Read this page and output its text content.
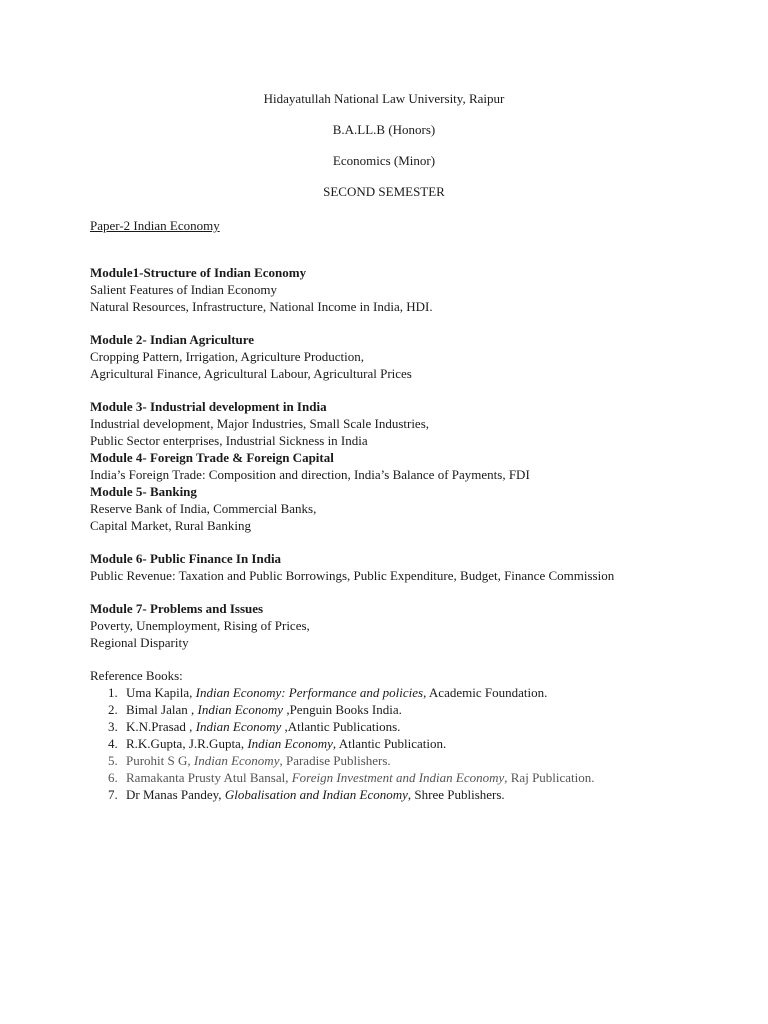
Hidayatullah National Law University, Raipur
B.A.LL.B (Honors)
Economics (Minor)
SECOND SEMESTER
Paper-2 Indian Economy
Module1-Structure of Indian Economy
Salient Features of Indian Economy
Natural Resources, Infrastructure, National Income in India, HDI.
Module 2- Indian Agriculture
Cropping Pattern, Irrigation, Agriculture Production,
Agricultural Finance, Agricultural Labour, Agricultural Prices
Module 3- Industrial development in India
Industrial development, Major Industries, Small Scale Industries,
Public Sector enterprises, Industrial Sickness in India
Module 4- Foreign Trade & Foreign Capital
India’s Foreign Trade: Composition and direction, India’s Balance of Payments, FDI
Module 5- Banking
Reserve Bank of India, Commercial Banks,
Capital Market, Rural Banking
Module 6- Public Finance In India
Public Revenue: Taxation and Public Borrowings, Public Expenditure, Budget, Finance Commission
Module 7- Problems and Issues
Poverty, Unemployment, Rising of Prices,
Regional Disparity
Reference Books:
1. Uma Kapila, Indian Economy: Performance and policies, Academic Foundation.
2. Bimal Jalan , Indian Economy ,Penguin Books India.
3. K.N.Prasad , Indian Economy ,Atlantic Publications.
4. R.K.Gupta, J.R.Gupta, Indian Economy, Atlantic Publication.
5. Purohit S G, Indian Economy, Paradise Publishers.
6. Ramakanta Prusty Atul Bansal, Foreign Investment and Indian Economy, Raj Publication.
7. Dr Manas Pandey, Globalisation and Indian Economy, Shree Publishers.
